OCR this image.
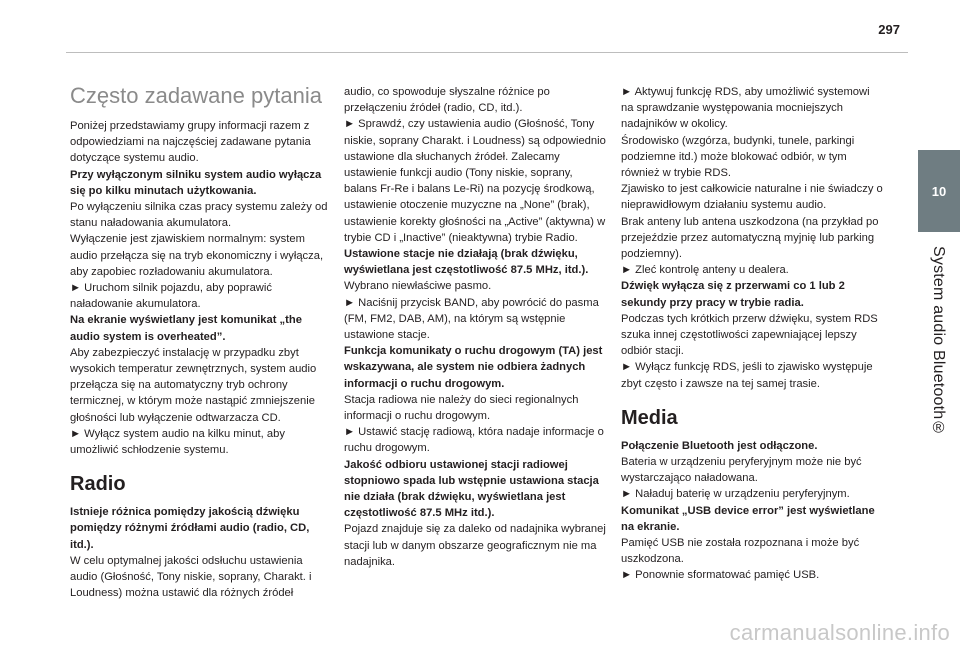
297
10
System audio Bluetooth®
Często zadawane pytania

Poniżej przedstawiamy grupy informacji razem z odpowiedziami na najczęściej zadawane pytania dotyczące systemu audio.

Przy wyłączonym silniku system audio wyłącza się po kilku minutach użytkowania.

Po wyłączeniu silnika czas pracy systemu zależy od stanu naładowania akumulatora.

Wyłączenie jest zjawiskiem normalnym: system audio przełącza się na tryb ekonomiczny i wyłącza, aby zapobiec rozładowaniu akumulatora.

► Uruchom silnik pojazdu, aby poprawić naładowanie akumulatora.

Na ekranie wyświetlany jest komunikat „the audio system is overheated”.

Aby zabezpieczyć instalację w przypadku zbyt wysokich temperatur zewnętrznych, system audio przełącza się na automatyczny tryb ochrony termicznej, w którym może nastąpić zmniejszenie głośności lub wyłączenie odtwarzacza CD.

► Wyłącz system audio na kilku minut, aby umożliwić schłodzenie systemu.

Radio

Istnieje różnica pomiędzy jakością dźwięku pomiędzy różnymi źródłami audio (radio, CD, itd.).

W celu optymalnej jakości odsłuchu ustawienia audio (Głośność, Tony niskie, soprany, Charakt. i Loudness) można ustawić dla różnych źródeł

audio, co spowoduje słyszalne różnice po przełączeniu źródeł (radio, CD, itd.).

► Sprawdź, czy ustawienia audio (Głośność, Tony niskie, soprany Charakt. i Loudness) są odpowiednio ustawione dla słuchanych źródeł. Zalecamy ustawienie funkcji audio (Tony niskie, soprany, balans Fr-Re i balans Le-Ri) na pozycję środkową, ustawienie otoczenie muzyczne na „None” (brak), ustawienie korekty głośności na „Active” (aktywna) w trybie CD i „Inactive” (nieaktywna) trybie Radio.

Ustawione stacje nie działają (brak dźwięku, wyświetlana jest częstotliwość 87.5 MHz, itd.).

Wybrano niewłaściwe pasmo.

► Naciśnij przycisk BAND, aby powrócić do pasma (FM, FM2, DAB, AM), na którym są wstępnie ustawione stacje.

Funkcja komunikaty o ruchu drogowym (TA) jest wskazywana, ale system nie odbiera żadnych informacji o ruchu drogowym.

Stacja radiowa nie należy do sieci regionalnych informacji o ruchu drogowym.

► Ustawić stację radiową, która nadaje informacje o ruchu drogowym.

Jakość odbioru ustawionej stacji radiowej stopniowo spada lub wstępnie ustawiona stacja nie działa (brak dźwięku, wyświetlana jest częstotliwość 87.5 MHz itd.).

Pojazd znajduje się za daleko od nadajnika wybranej stacji lub w danym obszarze geograficznym nie ma nadajnika.

► Aktywuj funkcję RDS, aby umożliwić systemowi na sprawdzanie występowania mocniejszych nadajników w okolicy.

Środowisko (wzgórza, budynki, tunele, parkingi podziemne itd.) może blokować odbiór, w tym również w trybie RDS.

Zjawisko to jest całkowicie naturalne i nie świadczy o nieprawidłowym działaniu systemu audio.

Brak anteny lub antena uszkodzona (na przykład po przejeździe przez automatyczną myjnię lub parking podziemny).

► Zleć kontrolę anteny u dealera.

Dźwięk wyłącza się z przerwami co 1 lub 2 sekundy przy pracy w trybie radia.

Podczas tych krótkich przerw dźwięku, system RDS szuka innej częstotliwości zapewniającej lepszy odbiór stacji.

► Wyłącz funkcję RDS, jeśli to zjawisko występuje zbyt często i zawsze na tej samej trasie.

Media

Połączenie Bluetooth jest odłączone.

Bateria w urządzeniu peryferyjnym może nie być wystarczająco naładowana.

► Naładuj baterię w urządzeniu peryferyjnym.

Komunikat „USB device error” jest wyświetlane na ekranie.

Pamięć USB nie została rozpoznana i może być uszkodzona.

► Ponownie sformatować pamięć USB.

carmanualsonline.info
